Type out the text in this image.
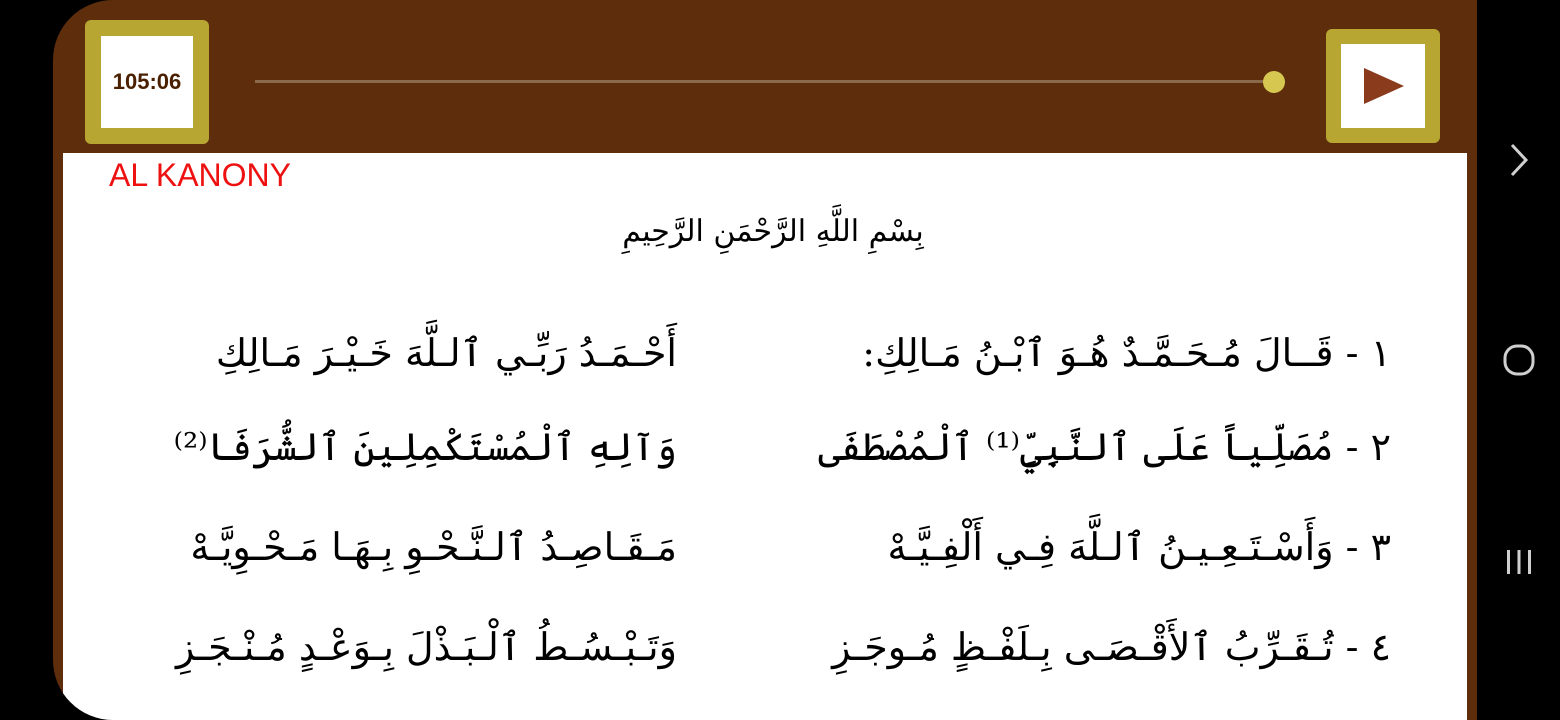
105:06
AL KANONY
بِسْمِ اللَّهِ الرَّحْمَنِ الرَّحِيمِ
١ - قَــالَ مُـحَـمَّـدٌ هُـوَ ٱبْـنُ مَـالِكِ:
أَحْـمَـدُ رَبِّـي ٱلـلَّهَ خَـيْـرَ مَـالِكِ
٢ - مُصَلِّياً عَلَى ٱلنَّبِيِّ⁽¹⁾ ٱلْمُصْطَفَى
وَآلِهِ ٱلْمُسْتَكْمِلِينَ ٱلشُّرَفَا⁽²⁾
٣ - وَأَسْـتَـعِـيـنُ ٱلـلَّهَ فِـي أَلْفِـيَّـهْ
مَـقَـاصِـدُ ٱلـنَّـحْـوِ بِـهَـا مَـحْـوِيَّـهْ
٤ - تُـقَـرِّبُ ٱلأَقْـصَـى بِـلَفْـظٍ مُـوجَـزِ
وَتَـبْـسُـطُ ٱلْـبَـذْلَ بِـوَعْـدٍ مُـنْـجَـزِ
